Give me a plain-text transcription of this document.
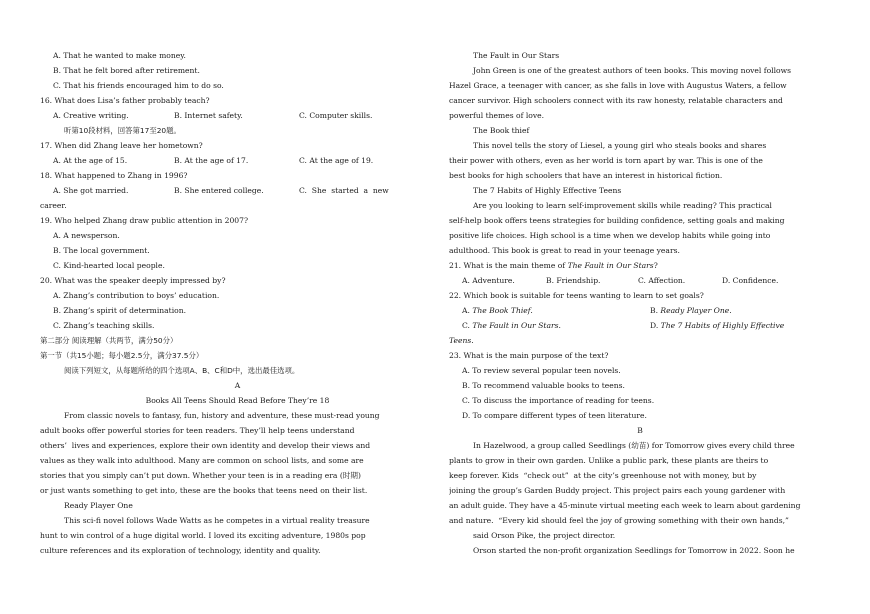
A. That he wanted to make money.
B. That he felt bored after retirement.
C. That his friends encouraged him to do so.
16. What does Lisa’s father probably teach?
A. Creative writing.	B. Internet safety.	C. Computer skills.
听第10段材料，回答第17至20题。
17. When did Zhang leave her hometown?
A. At the age of 15.	B. At the age of 17.	C. At the age of 19.
18. What happened to Zhang in 1996?
A. She got married.	B. She entered college.	C.  She  started  a  new
career.
19. Who helped Zhang draw public attention in 2007?
A. A newsperson.
B. The local government.
C. Kind-hearted local people.
20. What was the speaker deeply impressed by?
A. Zhang’s contribution to boys’ education.
B. Zhang’s spirit of determination.
C. Zhang’s teaching skills.
第二部分 阅读理解（共两节，满分50分）
第一节（共15小题；每小题2.5分，满分37.5分）
阅读下列短文，从每题所给的四个选项A、B、C和D中，选出最佳选项。
A
Books All Teens Should Read Before They’re 18
From classic novels to fantasy, fun, history and adventure, these must-read young
adult books offer powerful stories for teen readers. They’ll help teens understand
others’  lives and experiences, explore their own identity and develop their views and
values as they walk into adulthood. Many are common on school lists, and some are
stories that you simply can’t put down. Whether your teen is in a reading era (时期)
or just wants something to get into, these are the books that teens need on their list.
Ready Player One
This sci-fi novel follows Wade Watts as he competes in a virtual reality treasure
hunt to win control of a huge digital world. I loved its exciting adventure, 1980s pop
culture references and its exploration of technology, identity and quality.
The Fault in Our Stars
John Green is one of the greatest authors of teen books. This moving novel follows
Hazel Grace, a teenager with cancer, as she falls in love with Augustus Waters, a fellow
cancer survivor. High schoolers connect with its raw honesty, relatable characters and
powerful themes of love.
The Book thief
This novel tells the story of Liesel, a young girl who steals books and shares
their power with others, even as her world is torn apart by war. This is one of the
best books for high schoolers that have an interest in historical fiction.
The 7 Habits of Highly Effective Teens
Are you looking to learn self-improvement skills while reading? This practical
self-help book offers teens strategies for building confidence, setting goals and making
positive life choices. High school is a time when we develop habits while going into
adulthood. This book is great to read in your teenage years.
21. What is the main theme of The Fault in Our Stars?
A. Adventure.	B. Friendship.	C. Affection.	D. Confidence.
22. Which book is suitable for teens wanting to learn to set goals?
A. The Book Thief.	B. Ready Player One.
C. The Fault in Our Stars.	D. The 7 Habits of Highly Effective
Teens.
23. What is the main purpose of the text?
A. To review several popular teen novels.
B. To recommend valuable books to teens.
C. To discuss the importance of reading for teens.
D. To compare different types of teen literature.
B
In Hazelwood, a group called Seedlings (幼苗) for Tomorrow gives every child three
plants to grow in their own garden. Unlike a public park, these plants are theirs to
keep forever. Kids  “check out”  at the city’s greenhouse not with money, but by
joining the group’s Garden Buddy project. This project pairs each young gardener with
an adult guide. They have a 45-minute virtual meeting each week to learn about gardening
and nature.  “Every kid should feel the joy of growing something with their own hands,”
said Orson Pike, the project director.
Orson started the non-profit organization Seedlings for Tomorrow in 2022. Soon he
